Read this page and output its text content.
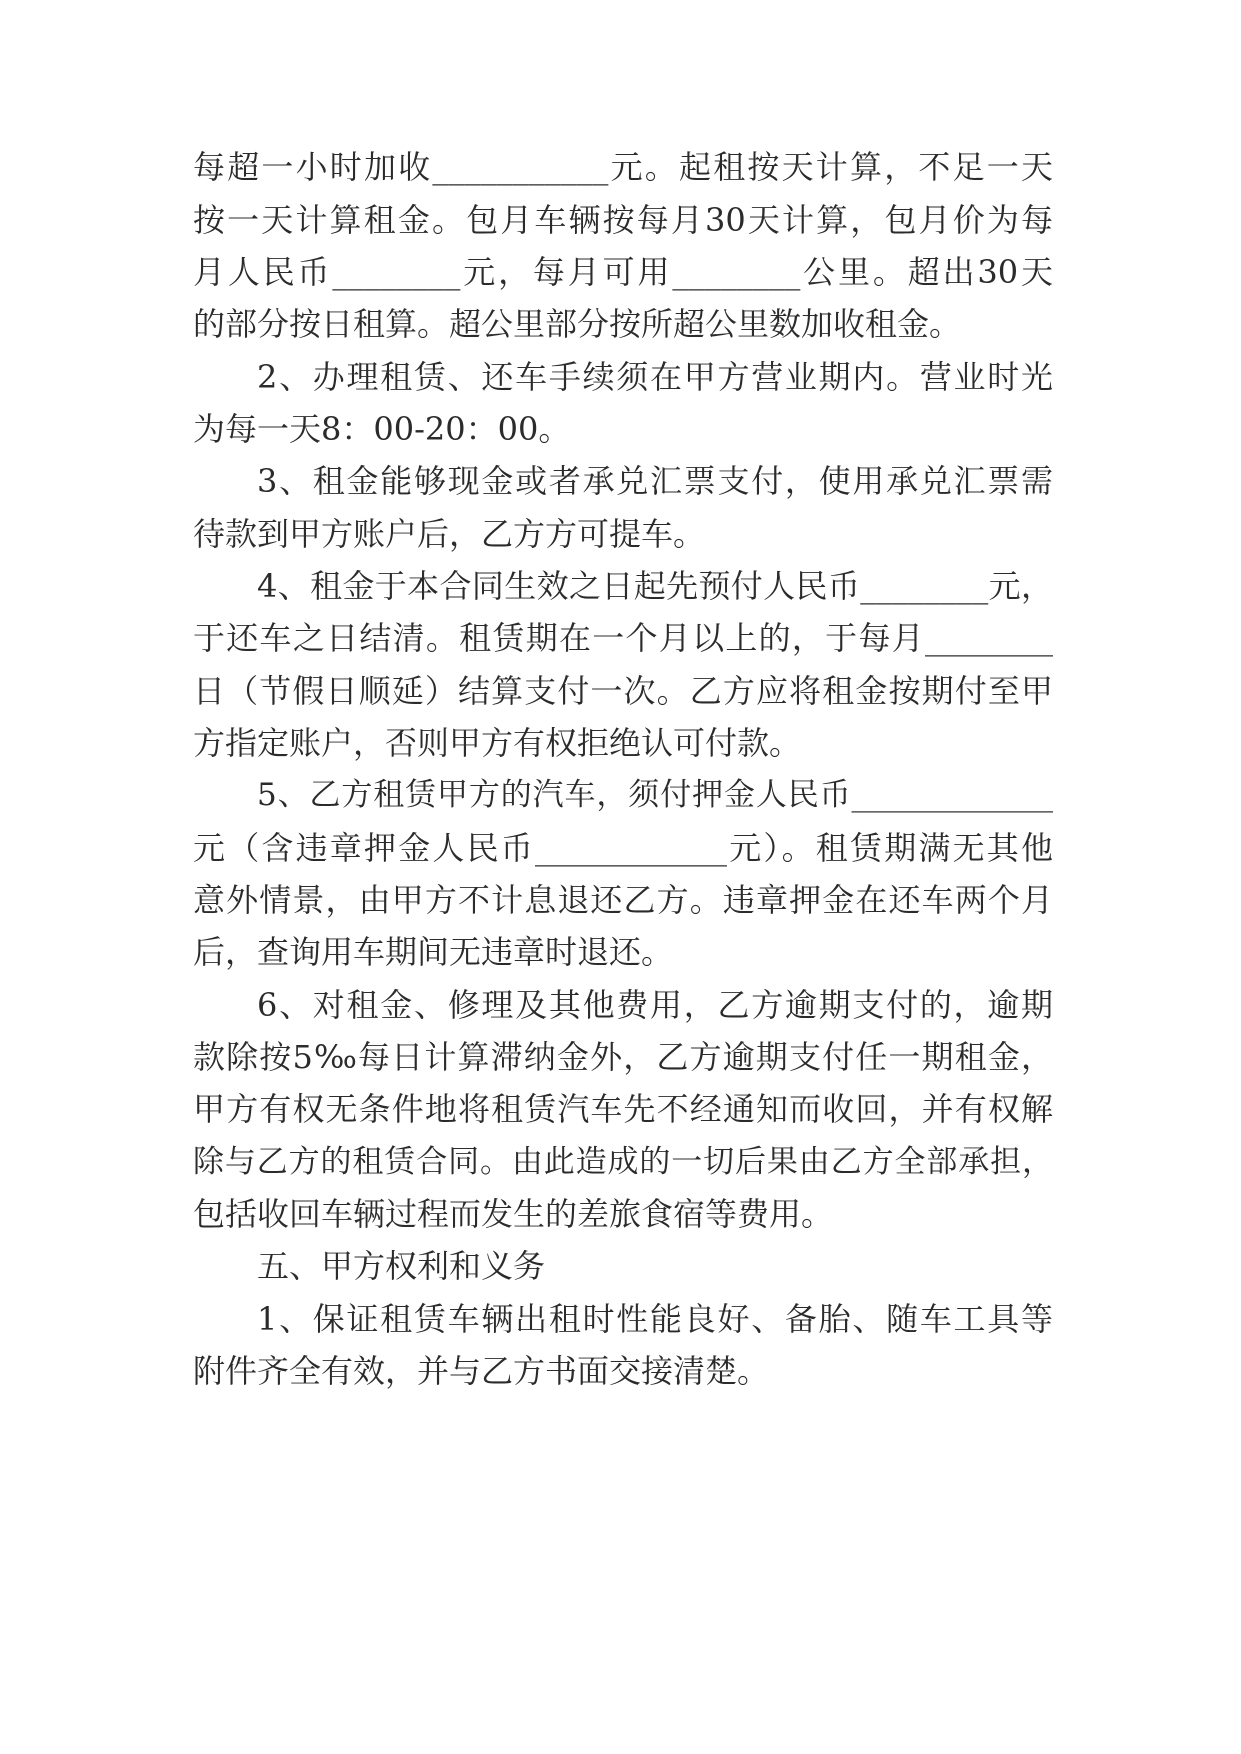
每超一小时加收___________元。起租按天计算，不足一天

按一天计算租金。包月车辆按每月30天计算，包月价为每

月人民币________元，每月可用________公里。超出30天

的部分按日租算。超公里部分按所超公里数加收租金。

2、办理租赁、还车手续须在甲方营业期内。营业时光

为每一天8：00-20：00。

3、租金能够现金或者承兑汇票支付，使用承兑汇票需

待款到甲方账户后，乙方方可提车。

4、租金于本合同生效之日起先预付人民币________元，

于还车之日结清。租赁期在一个月以上的，于每月________

日（节假日顺延）结算支付一次。乙方应将租金按期付至甲

方指定账户，否则甲方有权拒绝认可付款。

5、乙方租赁甲方的汽车，须付押金人民币_____________

元（含违章押金人民币____________元）。租赁期满无其他

意外情景，由甲方不计息退还乙方。违章押金在还车两个月

后，查询用车期间无违章时退还。

6、对租金、修理及其他费用，乙方逾期支付的，逾期

款除按5‰每日计算滞纳金外，乙方逾期支付任一期租金，

甲方有权无条件地将租赁汽车先不经通知而收回，并有权解

除与乙方的租赁合同。由此造成的一切后果由乙方全部承担，

包括收回车辆过程而发生的差旅食宿等费用。

五、甲方权利和义务

1、保证租赁车辆出租时性能良好、备胎、随车工具等

附件齐全有效，并与乙方书面交接清楚。
